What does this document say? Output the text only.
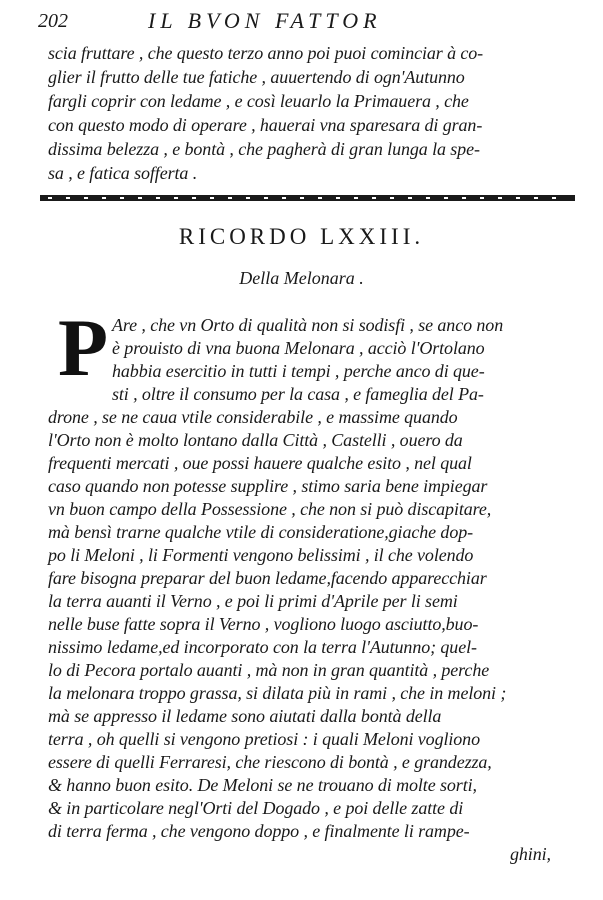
202	IL BVON FATTOR
scia fruttare , che questo terzo anno poi puoi cominciar à co-
glier il frutto delle tue fatiche , auuertendo di ogn'Autunno
fargli coprir con ledame , e così leuarlo la Primauera , che
con questo modo di operare , hauerai vna sparesara di gran-
dissima belezza , e bontà , che pagherà di gran lunga la spe-
sa , e fatica sofferta .
RICORDO LXXIII.
Della Melonara .
P Are , che vn Orto di qualità non si sodisfi , se anco non
è prouisto di vna buona Melonara , acciò l'Ortolano
habbia esercitio in tutti i tempi , perche anco di que-
sti , oltre il consumo per la casa , e fameglia del Pa-
drone , se ne caua vtile considerabile , e massime quando
l'Orto non è molto lontano dalla Città , Castelli , ouero da
frequenti mercati , oue possi hauere qualche esito , nel qual
caso quando non potesse supplire , stimo saria bene impiegar
vn buon campo della Possessione , che non si può discapitare,
mà bensì trarne qualche vtile di consideratione,giache dop-
po li Meloni , li Formenti vengono belissimi , il che volendo
fare bisogna preparar del buon ledame,facendo apparecchiar
la terra auanti il Verno , e poi li primi d'Aprile per li semi
nelle buse fatte sopra il Verno , vogliono luogo asciutto,buo-
nissimo ledame,ed incorporato con la terra l'Autunno; quel-
lo di Pecora portalo auanti , mà non in gran quantità , perche
la melonara troppo grassa, si dilata più in rami , che in meloni ;
mà se appresso il ledame sono aiutati dalla bontà della
terra , oh quelli si vengono pretiosi : i quali Meloni vogliono
essere di quelli Ferraresi, che riescono di bontà , e grandezza,
& hanno buon esito. De Meloni se ne trouano di molte sorti,
& in particolare negl'Orti del Dogado , e poi delle zatte di
di terra ferma , che vengono doppo , e finalmente li rampe-
ghini,
